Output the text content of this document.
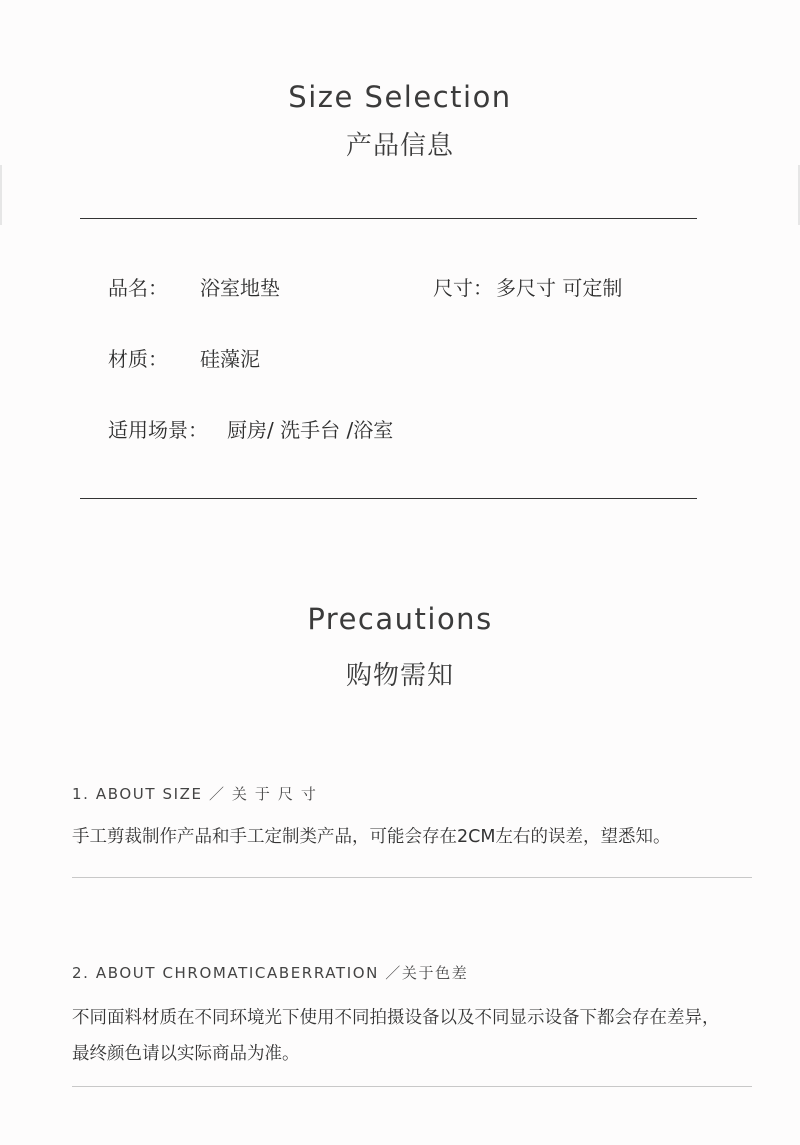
Size Selection
产品信息
品名： 浴室地垫	尺寸： 多尺寸 可定制
材质： 硅藻泥
适用场景： 厨房/ 洗手台 /浴室
Precautions
购物需知
1. ABOUT SIZE ／ 关 于 尺 寸
手工剪裁制作产品和手工定制类产品，可能会存在2CM左右的误差，望悉知。
2. ABOUT CHROMATICABERRATION ／关于色差
不同面料材质在不同环境光下使用不同拍摄设备以及不同显示设备下都会存在差异，最终颜色请以实际商品为准。
